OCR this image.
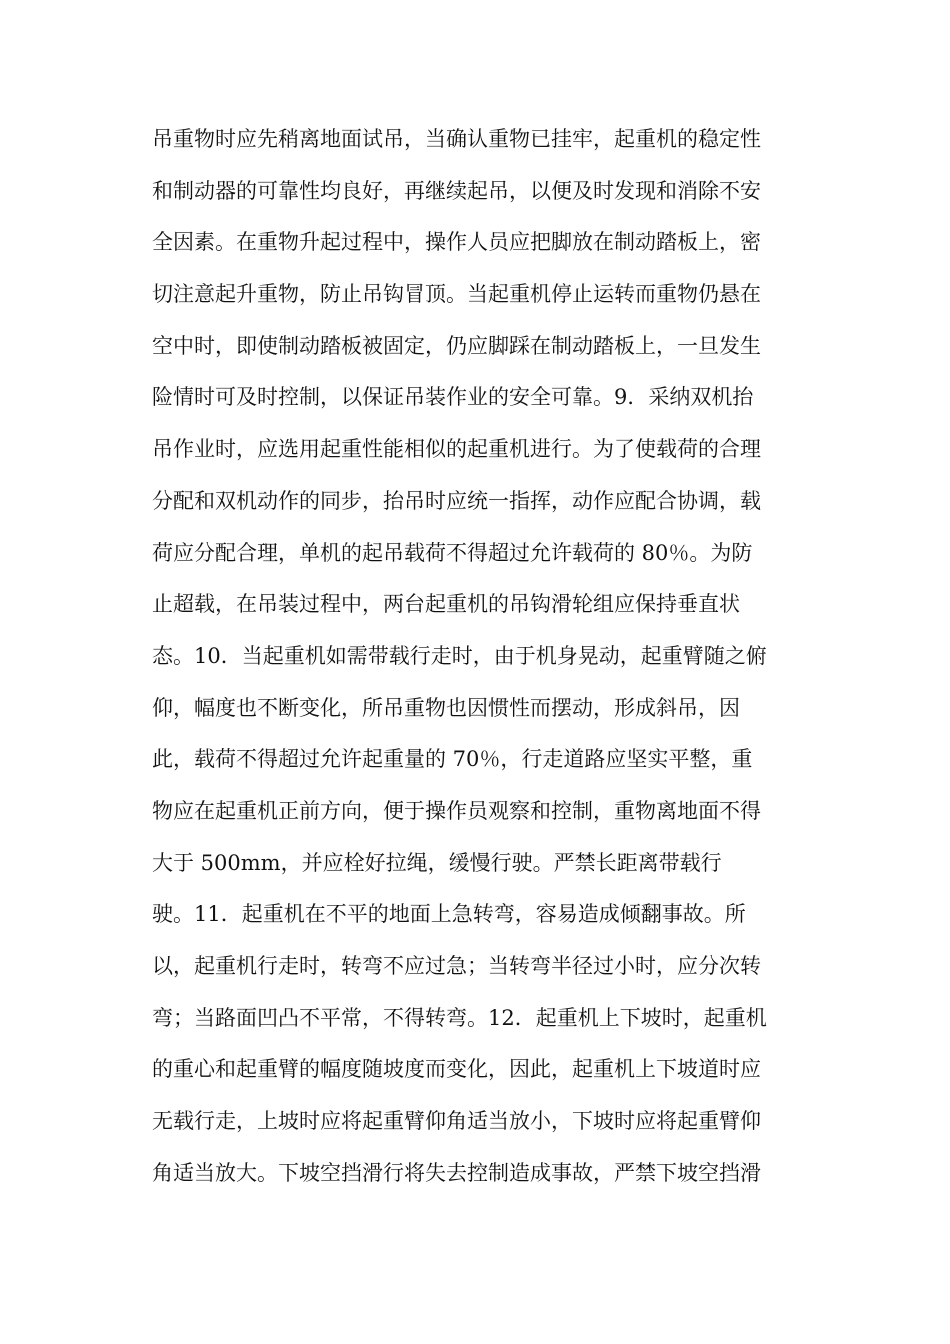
吊重物时应先稍离地面试吊，当确认重物已挂牢，起重机的稳定性
和制动器的可靠性均良好，再继续起吊，以便及时发现和消除不安
全因素。在重物升起过程中，操作人员应把脚放在制动踏板上，密
切注意起升重物，防止吊钩冒顶。当起重机停止运转而重物仍悬在
空中时，即使制动踏板被固定，仍应脚踩在制动踏板上，一旦发生
险情时可及时控制，以保证吊装作业的安全可靠。9．采纳双机抬
吊作业时，应选用起重性能相似的起重机进行。为了使载荷的合理
分配和双机动作的同步，抬吊时应统一指挥，动作应配合协调，载
荷应分配合理，单机的起吊载荷不得超过允许载荷的 80％。为防
止超载，在吊装过程中，两台起重机的吊钩滑轮组应保持垂直状
态。10．当起重机如需带载行走时，由于机身晃动，起重臂随之俯
仰，幅度也不断变化，所吊重物也因惯性而摆动，形成斜吊，因
此，载荷不得超过允许起重量的 70％，行走道路应坚实平整，重
物应在起重机正前方向，便于操作员观察和控制，重物离地面不得
大于 500mm，并应栓好拉绳，缓慢行驶。严禁长距离带载行
驶。11．起重机在不平的地面上急转弯，容易造成倾翻事故。所
以，起重机行走时，转弯不应过急；当转弯半径过小时，应分次转
弯；当路面凹凸不平常，不得转弯。12．起重机上下坡时，起重机
的重心和起重臂的幅度随坡度而变化，因此，起重机上下坡道时应
无载行走，上坡时应将起重臂仰角适当放小，下坡时应将起重臂仰
角适当放大。下坡空挡滑行将失去控制造成事故，严禁下坡空挡滑
